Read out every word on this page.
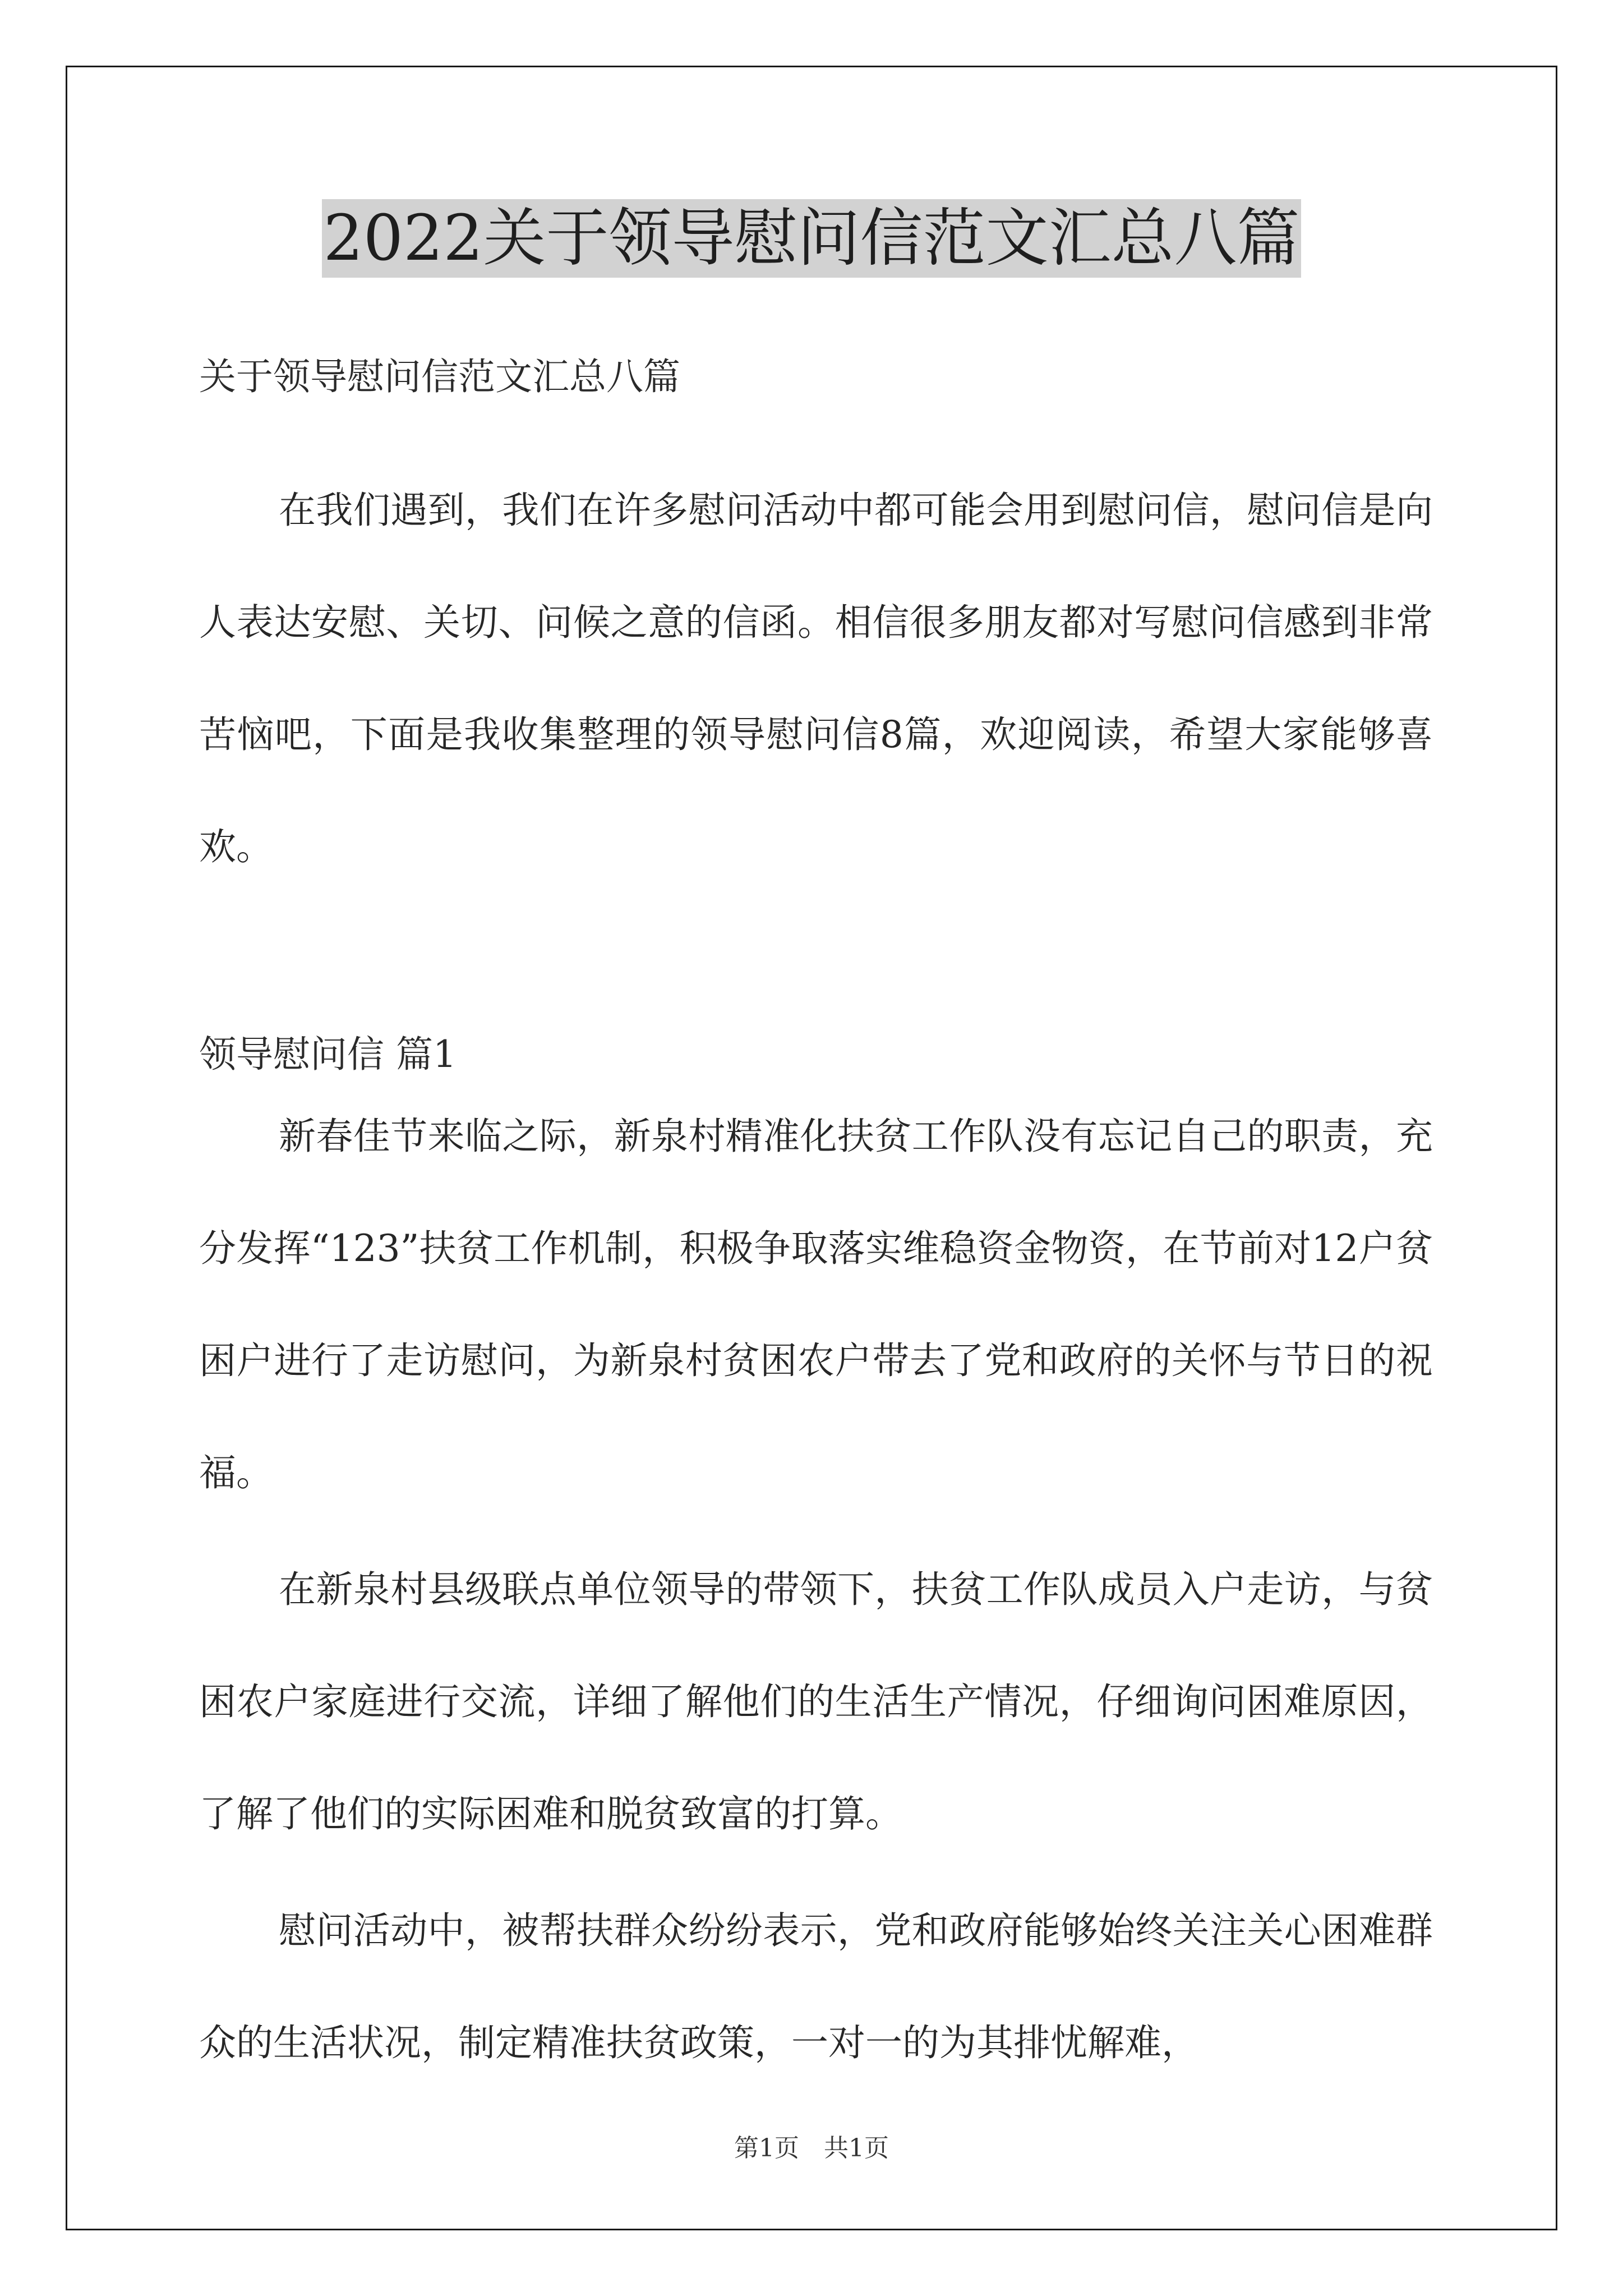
2022关于领导慰问信范文汇总八篇
关于领导慰问信范文汇总八篇

在我们遇到，我们在许多慰问活动中都可能会用到慰问信，慰问信是向人表达安慰、关切、问候之意的信函。相信很多朋友都对写慰问信感到非常苦恼吧，下面是我收集整理的领导慰问信8篇，欢迎阅读，希望大家能够喜欢。

领导慰问信 篇1

新春佳节来临之际，新泉村精准化扶贫工作队没有忘记自己的职责，充分发挥“123”扶贫工作机制，积极争取落实维稳资金物资，在节前对12户贫困户进行了走访慰问，为新泉村贫困农户带去了党和政府的关怀与节日的祝福。

在新泉村县级联点单位领导的带领下，扶贫工作队成员入户走访，与贫困农户家庭进行交流，详细了解他们的生活生产情况，仔细询问困难原因，了解了他们的实际困难和脱贫致富的打算。

慰问活动中，被帮扶群众纷纷表示，党和政府能够始终关注关心困难群众的生活状况，制定精准扶贫政策，一对一的为其排忧解难，

第1页　共1页
